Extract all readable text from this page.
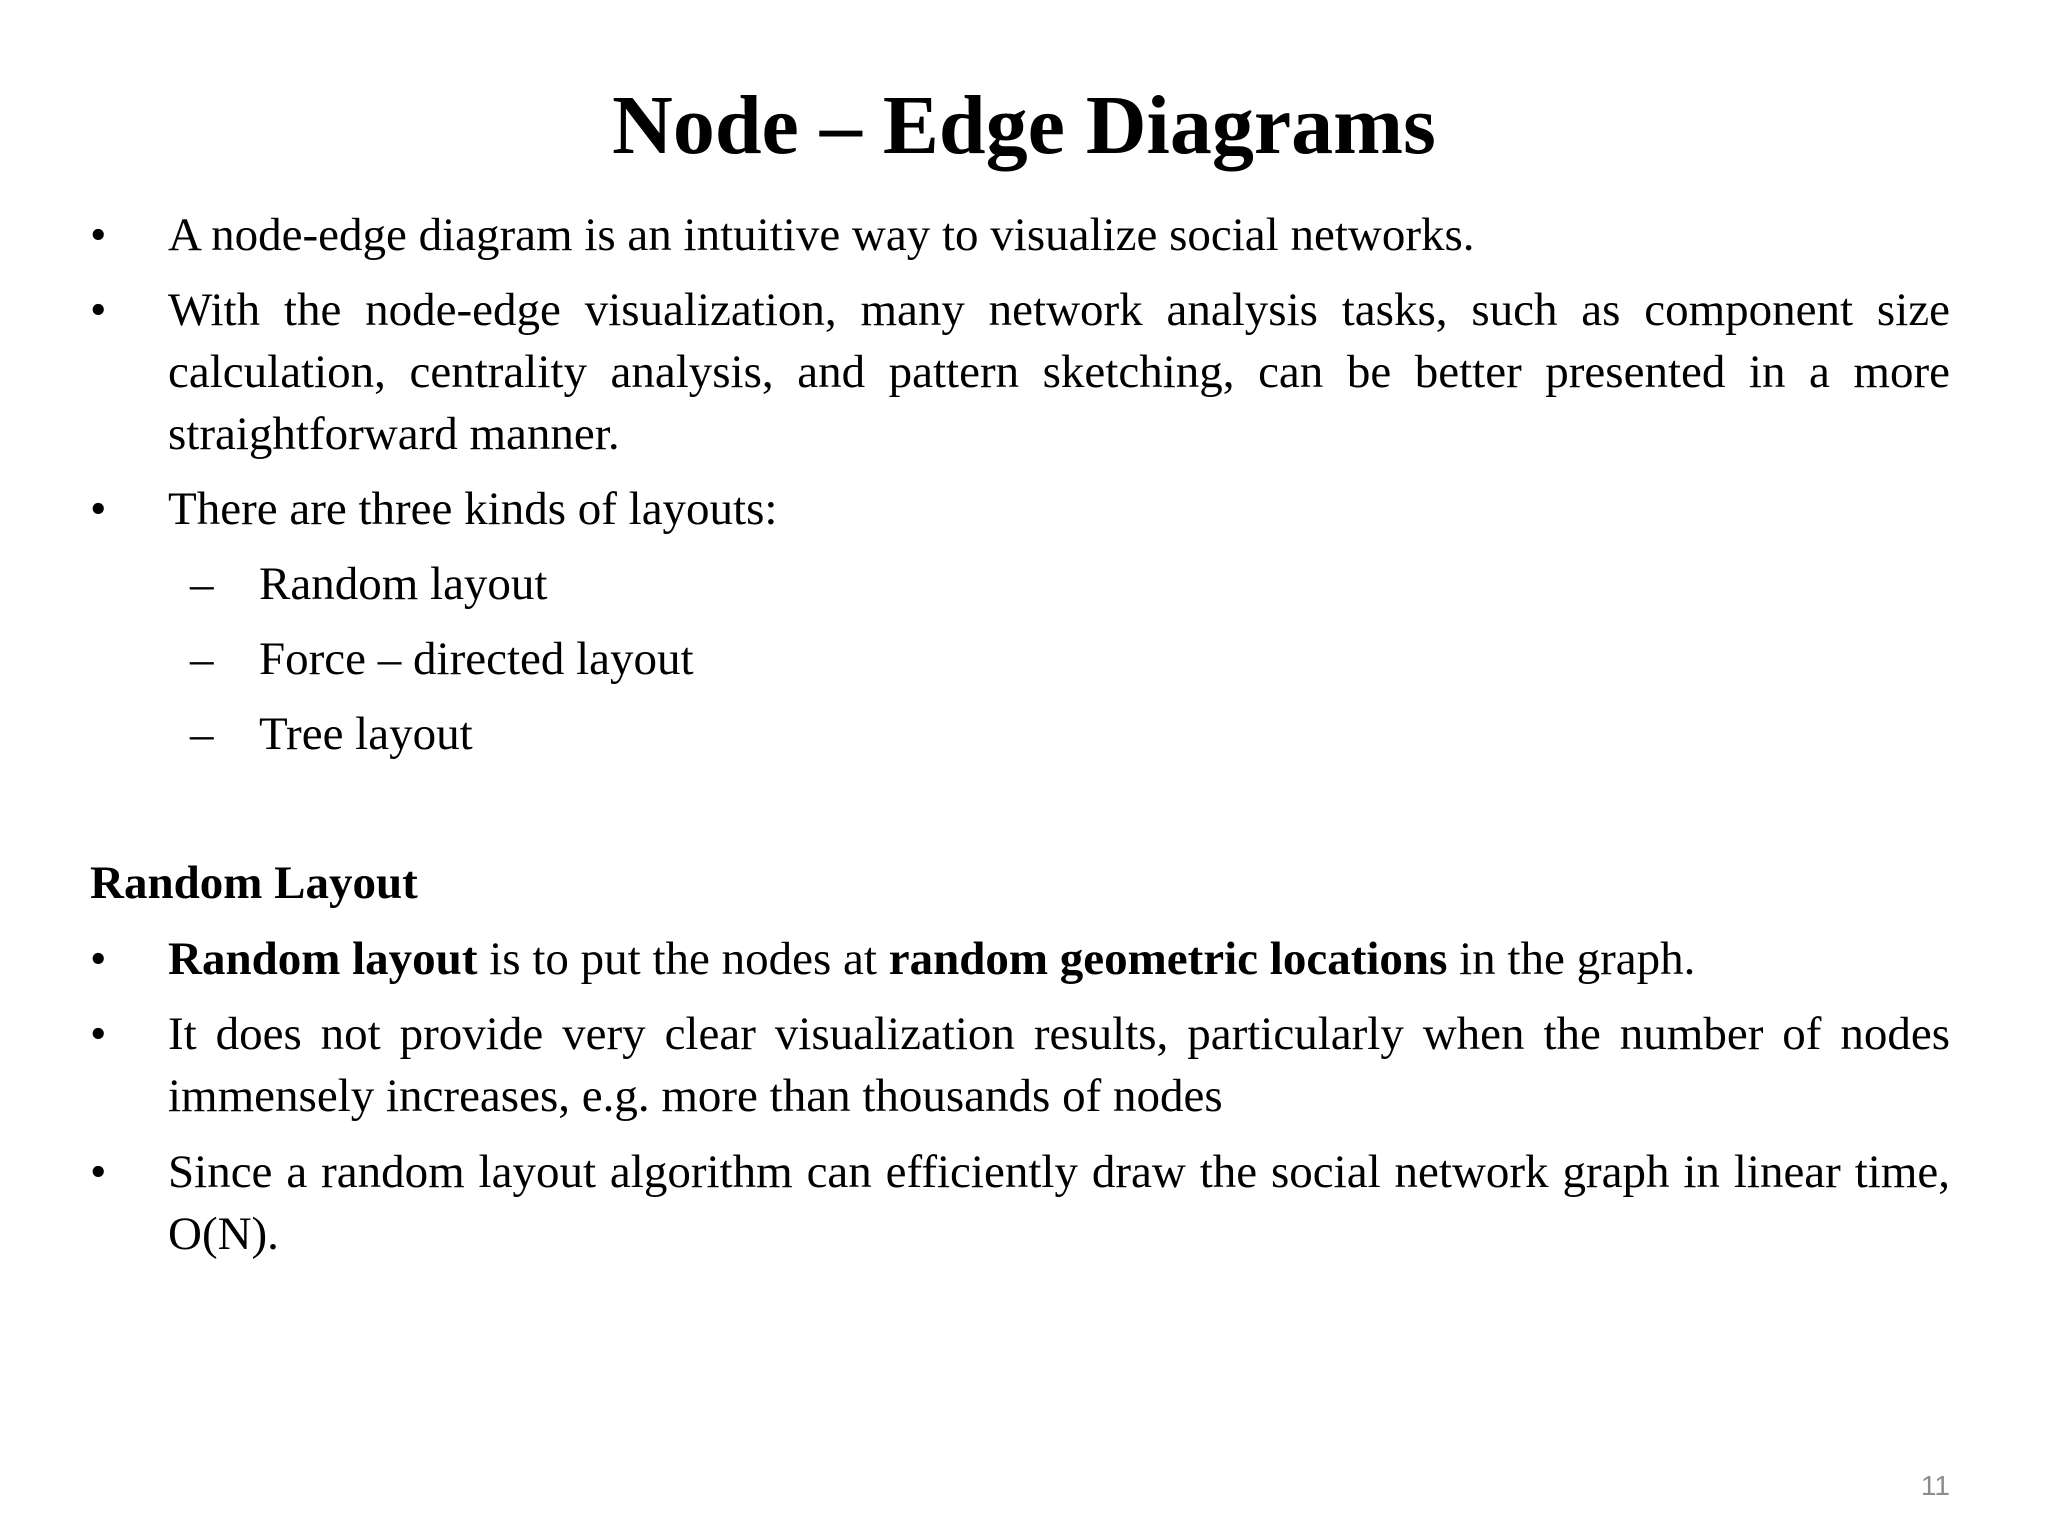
Node – Edge Diagrams
• A node-edge diagram is an intuitive way to visualize social networks.
• With the node-edge visualization, many network analysis tasks, such as component size calculation, centrality analysis, and pattern sketching, can be better presented in a more straightforward manner.
• There are three kinds of layouts:
– Random layout
– Force – directed layout
– Tree layout
Random Layout
• Random layout is to put the nodes at random geometric locations in the graph.
• It does not provide very clear visualization results, particularly when the number of nodes immensely increases, e.g. more than thousands of nodes
• Since a random layout algorithm can efficiently draw the social network graph in linear time, O(N).
11
